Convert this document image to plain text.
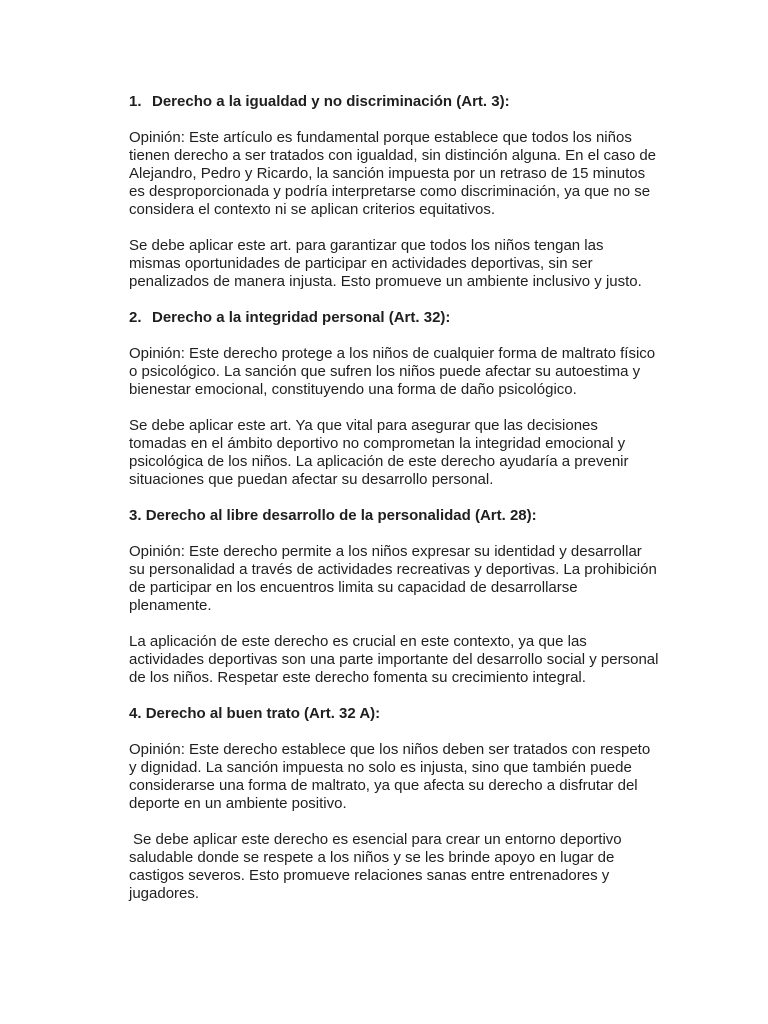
1. Derecho a la igualdad y no discriminación (Art. 3):

Opinión: Este artículo es fundamental porque establece que todos los niños
tienen derecho a ser tratados con igualdad, sin distinción alguna. En el caso de
Alejandro, Pedro y Ricardo, la sanción impuesta por un retraso de 15 minutos
es desproporcionada y podría interpretarse como discriminación, ya que no se
considera el contexto ni se aplican criterios equitativos.

Se debe aplicar este art. para garantizar que todos los niños tengan las
mismas oportunidades de participar en actividades deportivas, sin ser
penalizados de manera injusta. Esto promueve un ambiente inclusivo y justo.

2. Derecho a la integridad personal (Art. 32):

Opinión: Este derecho protege a los niños de cualquier forma de maltrato físico
o psicológico. La sanción que sufren los niños puede afectar su autoestima y
bienestar emocional, constituyendo una forma de daño psicológico.

Se debe aplicar este art. Ya que vital para asegurar que las decisiones
tomadas en el ámbito deportivo no comprometan la integridad emocional y
psicológica de los niños. La aplicación de este derecho ayudaría a prevenir
situaciones que puedan afectar su desarrollo personal.

3. Derecho al libre desarrollo de la personalidad (Art. 28):

Opinión: Este derecho permite a los niños expresar su identidad y desarrollar
su personalidad a través de actividades recreativas y deportivas. La prohibición
de participar en los encuentros limita su capacidad de desarrollarse
plenamente.

La aplicación de este derecho es crucial en este contexto, ya que las
actividades deportivas son una parte importante del desarrollo social y personal
de los niños. Respetar este derecho fomenta su crecimiento integral.

4. Derecho al buen trato (Art. 32 A):

Opinión: Este derecho establece que los niños deben ser tratados con respeto
y dignidad. La sanción impuesta no solo es injusta, sino que también puede
considerarse una forma de maltrato, ya que afecta su derecho a disfrutar del
deporte en un ambiente positivo.

Se debe aplicar este derecho es esencial para crear un entorno deportivo
saludable donde se respete a los niños y se les brinde apoyo en lugar de
castigos severos. Esto promueve relaciones sanas entre entrenadores y
jugadores.
